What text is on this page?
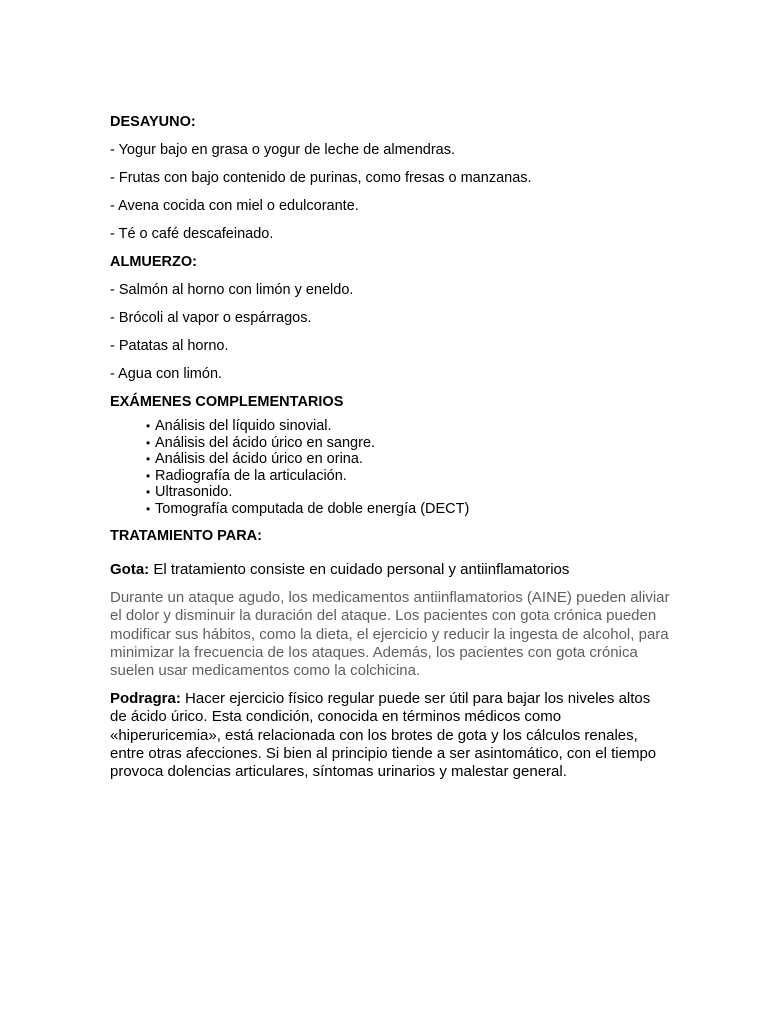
DESAYUNO:
- Yogur bajo en grasa o yogur de leche de almendras.
- Frutas con bajo contenido de purinas, como fresas o manzanas.
- Avena cocida con miel o edulcorante.
- Té o café descafeinado.
ALMUERZO:
- Salmón al horno con limón y eneldo.
- Brócoli al vapor o espárragos.
- Patatas al horno.
- Agua con limón.
EXÁMENES COMPLEMENTARIOS
• Análisis del líquido sinovial.
• Análisis del ácido úrico en sangre.
• Análisis del ácido úrico en orina.
• Radiografía de la articulación.
• Ultrasonido.
• Tomografía computada de doble energía (DECT)
TRATAMIENTO PARA:

Gota: El tratamiento consiste en cuidado personal y antiinflamatorios

Durante un ataque agudo, los medicamentos antiinflamatorios (AINE) pueden aliviar el dolor y disminuir la duración del ataque. Los pacientes con gota crónica pueden modificar sus hábitos, como la dieta, el ejercicio y reducir la ingesta de alcohol, para minimizar la frecuencia de los ataques. Además, los pacientes con gota crónica suelen usar medicamentos como la colchicina.

Podragra: Hacer ejercicio físico regular puede ser útil para bajar los niveles altos de ácido úrico. Esta condición, conocida en términos médicos como «hiperuricemia», está relacionada con los brotes de gota y los cálculos renales, entre otras afecciones. Si bien al principio tiende a ser asintomático, con el tiempo provoca dolencias articulares, síntomas urinarios y malestar general.
